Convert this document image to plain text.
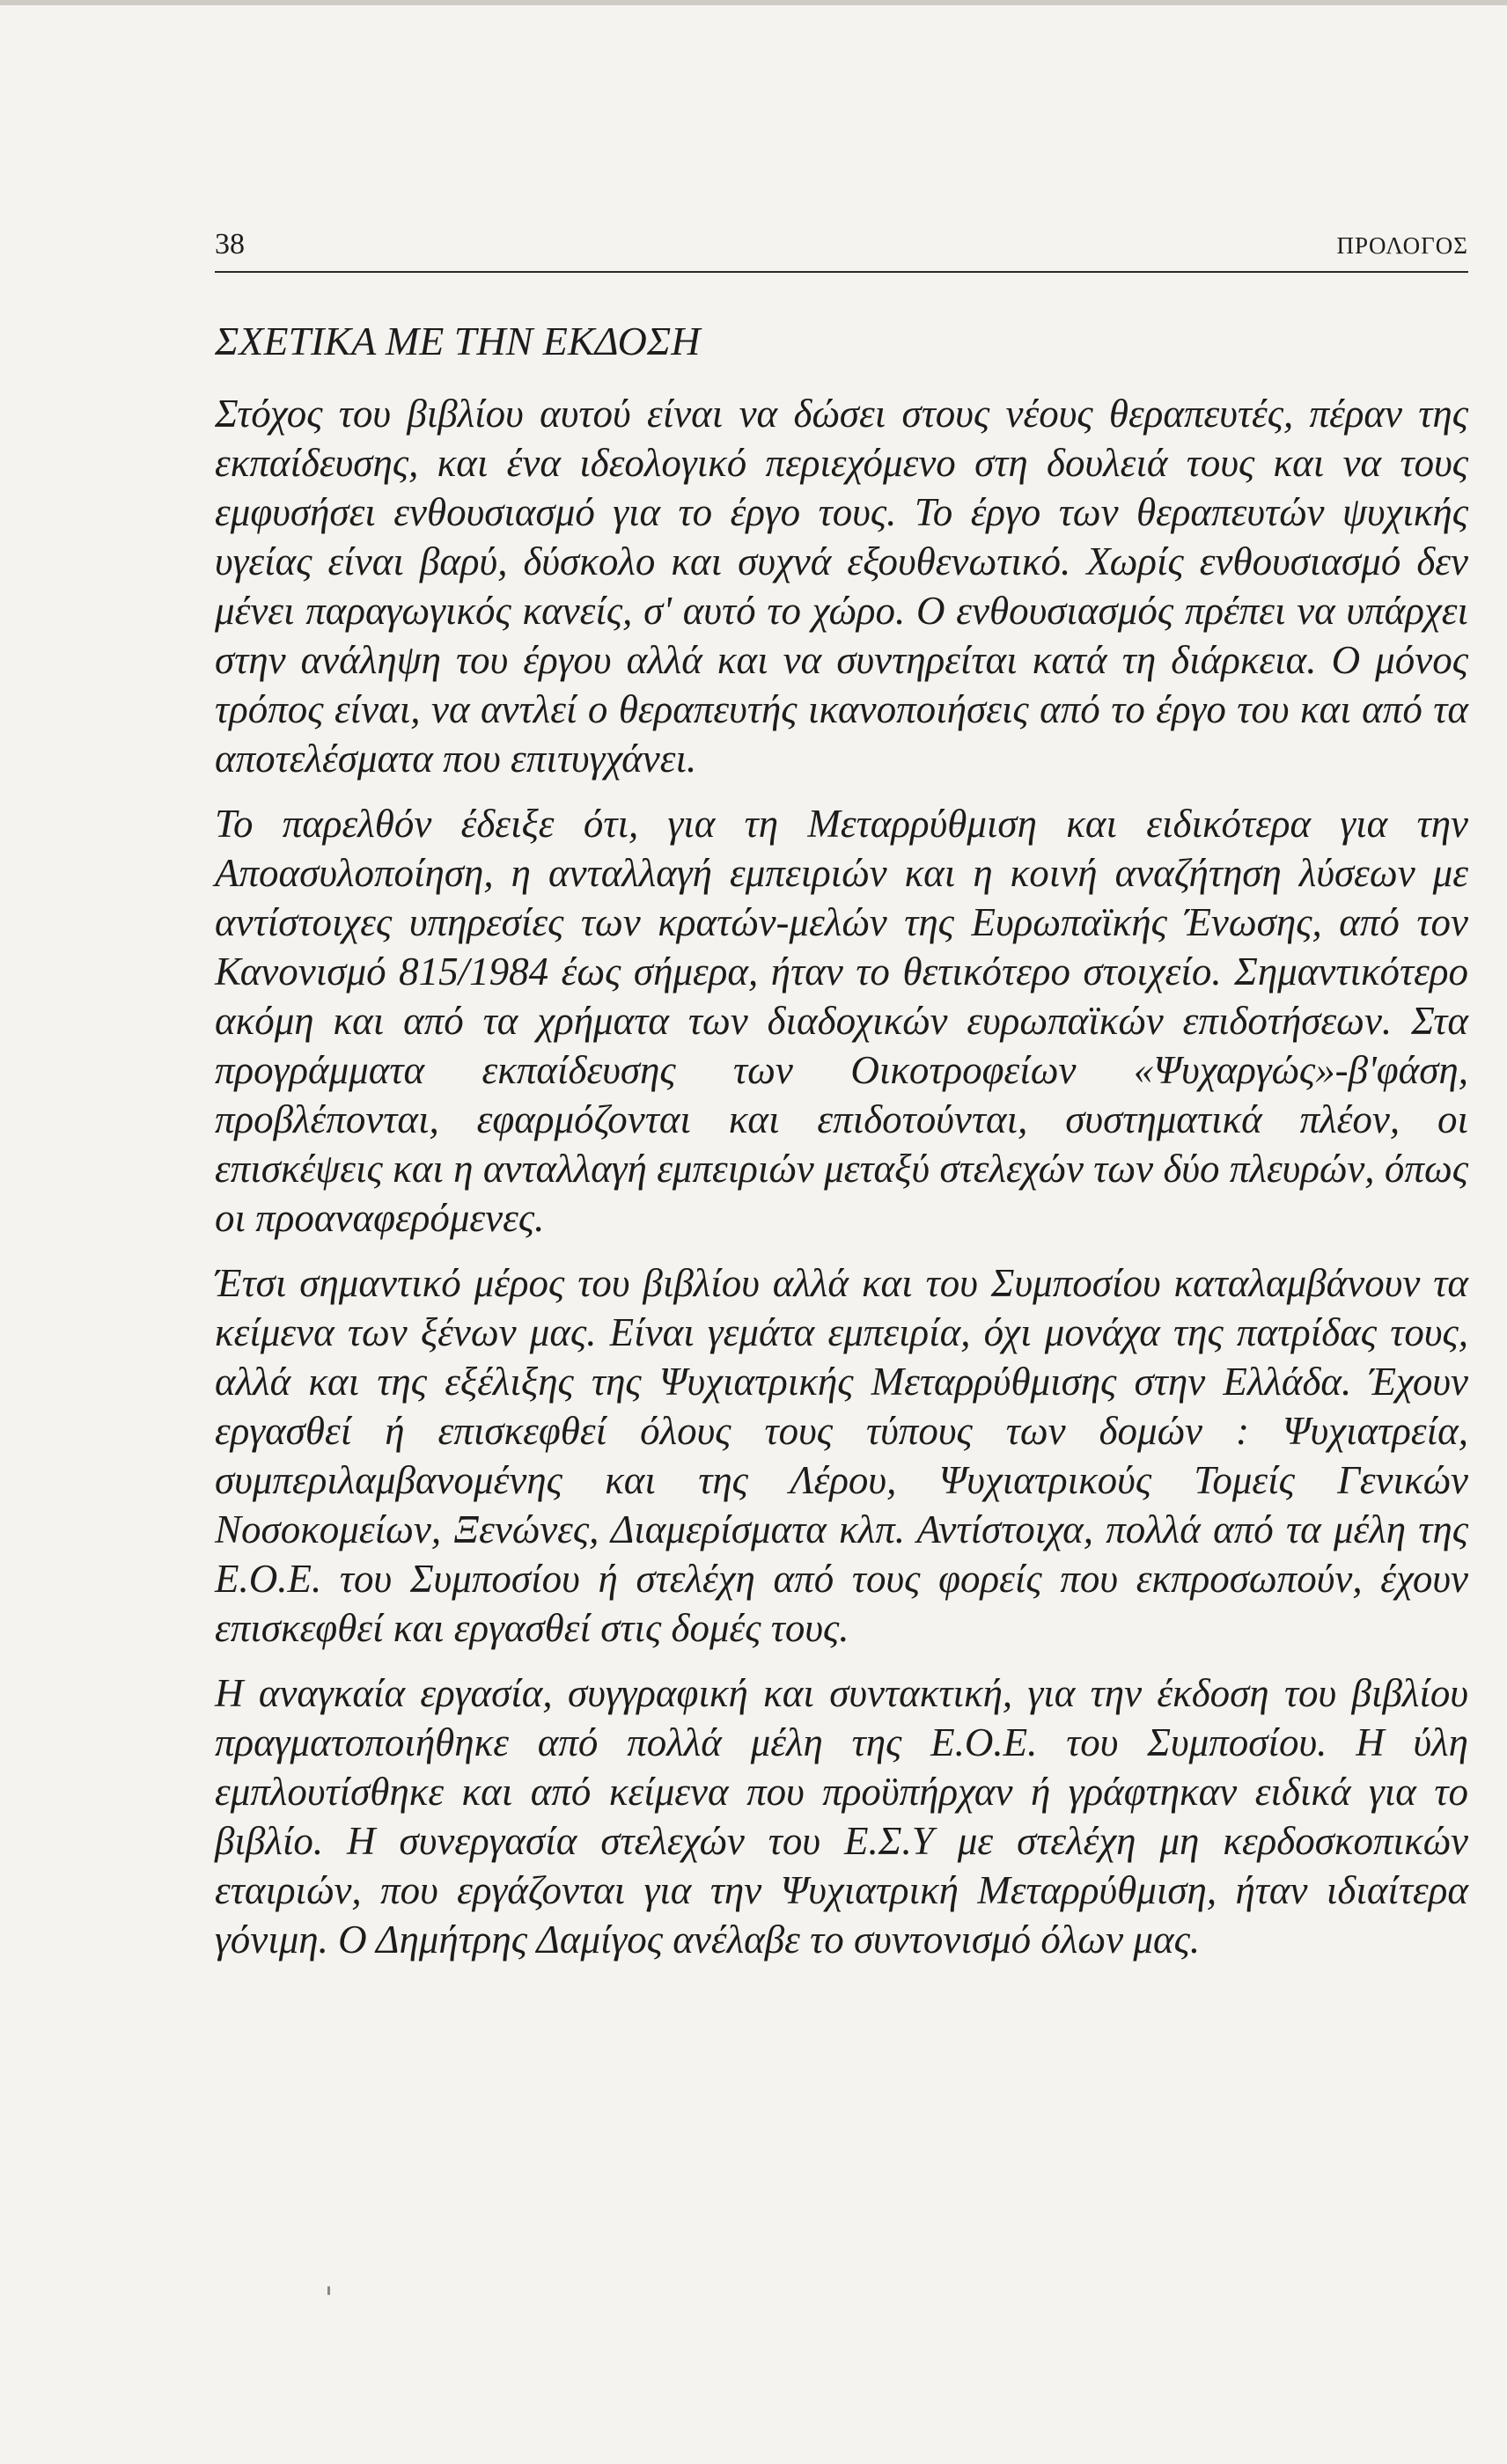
38	ΠΡΟΛΟΓΟΣ
ΣΧΕΤΙΚΑ ΜΕ ΤΗΝ ΕΚΔΟΣΗ

Στόχος του βιβλίου αυτού είναι να δώσει στους νέους θεραπευτές, πέραν της εκπαίδευσης, και ένα ιδεολογικό περιεχόμενο στη δουλειά τους και να τους εμφυσήσει ενθουσιασμό για το έργο τους. Το έργο των θεραπευτών ψυχικής υγείας είναι βαρύ, δύσκολο και συχνά εξουθενωτικό. Χωρίς ενθουσιασμό δεν μένει παραγωγικός κανείς, σ' αυτό το χώρο. Ο ενθουσιασμός πρέπει να υπάρχει στην ανάληψη του έργου αλλά και να συντηρείται κατά τη διάρκεια. Ο μόνος τρόπος είναι, να αντλεί ο θεραπευτής ικανοποιήσεις από το έργο του και από τα αποτελέσματα που επιτυγχάνει.

Το παρελθόν έδειξε ότι, για τη Μεταρρύθμιση και ειδικότερα για την Αποασυλοποίηση, η ανταλλαγή εμπειριών και η κοινή αναζήτηση λύσεων με αντίστοιχες υπηρεσίες των κρατών-μελών της Ευρωπαϊκής Ένωσης, από τον Κανονισμό 815/1984 έως σήμερα, ήταν το θετικότερο στοιχείο. Σημαντικότερο ακόμη και από τα χρήματα των διαδοχικών ευρωπαϊκών επιδοτήσεων. Στα προγράμματα εκπαίδευσης των Οικοτροφείων «Ψυχαργώς»-β'φάση, προβλέπονται, εφαρμόζονται και επιδοτούνται, συστηματικά πλέον, οι επισκέψεις και η ανταλλαγή εμπειριών μεταξύ στελεχών των δύο πλευρών, όπως οι προαναφερόμενες.

Έτσι σημαντικό μέρος του βιβλίου αλλά και του Συμποσίου καταλαμβάνουν τα κείμενα των ξένων μας. Είναι γεμάτα εμπειρία, όχι μονάχα της πατρίδας τους, αλλά και της εξέλιξης της Ψυχιατρικής Μεταρρύθμισης στην Ελλάδα. Έχουν εργασθεί ή επισκεφθεί όλους τους τύπους των δομών : Ψυχιατρεία, συμπεριλαμβανομένης και της Λέρου, Ψυχιατρικούς Τομείς Γενικών Νοσοκομείων, Ξενώνες, Διαμερίσματα κλπ. Αντίστοιχα, πολλά από τα μέλη της Ε.Ο.Ε. του Συμποσίου ή στελέχη από τους φορείς που εκπροσωπούν, έχουν επισκεφθεί και εργασθεί στις δομές τους.

Η αναγκαία εργασία, συγγραφική και συντακτική, για την έκδοση του βιβλίου πραγματοποιήθηκε από πολλά μέλη της Ε.Ο.Ε. του Συμποσίου. Η ύλη εμπλουτίσθηκε και από κείμενα που προϋπήρχαν ή γράφτηκαν ειδικά για το βιβλίο. Η συνεργασία στελεχών του Ε.Σ.Υ με στελέχη μη κερδοσκοπικών εταιριών, που εργάζονται για την Ψυχιατρική Μεταρρύθμιση, ήταν ιδιαίτερα γόνιμη. Ο Δημήτρης Δαμίγος ανέλαβε το συντονισμό όλων μας.
